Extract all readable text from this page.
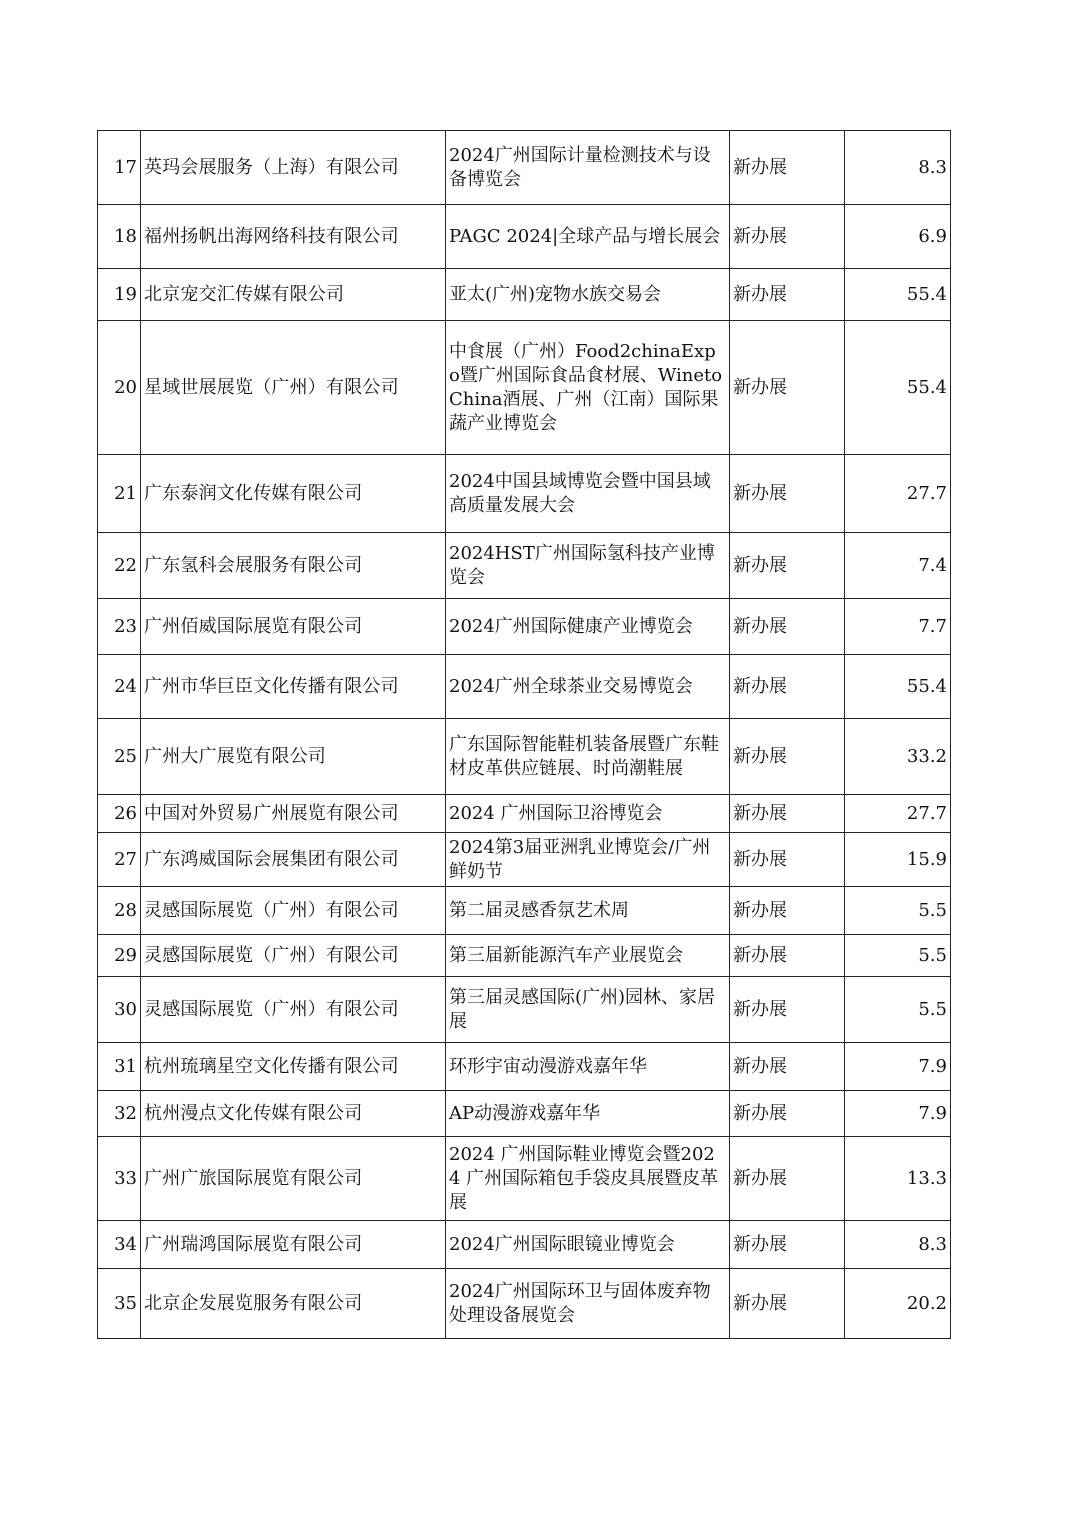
17	英玛会展服务（上海）有限公司	2024广州国际计量检测技术与设备博览会	新办展	8.3
18	福州扬帆出海网络科技有限公司	PAGC 2024|全球产品与增长展会	新办展	6.9
19	北京宠交汇传媒有限公司	亚太(广州)宠物水族交易会	新办展	55.4
20	星域世展展览（广州）有限公司	中食展（广州）Food2chinaExpo暨广州国际食品食材展、WinetoChina酒展、广州（江南）国际果蔬产业博览会	新办展	55.4
21	广东泰润文化传媒有限公司	2024中国县域博览会暨中国县域高质量发展大会	新办展	27.7
22	广东氢科会展服务有限公司	2024HST广州国际氢科技产业博览会	新办展	7.4
23	广州佰威国际展览有限公司	2024广州国际健康产业博览会	新办展	7.7
24	广州市华巨臣文化传播有限公司	2024广州全球茶业交易博览会	新办展	55.4
25	广州大广展览有限公司	广东国际智能鞋机装备展暨广东鞋材皮革供应链展、时尚潮鞋展	新办展	33.2
26	中国对外贸易广州展览有限公司	2024 广州国际卫浴博览会	新办展	27.7
27	广东鸿威国际会展集团有限公司	2024第3届亚洲乳业博览会/广州鲜奶节	新办展	15.9
28	灵感国际展览（广州）有限公司	第二届灵感香氛艺术周	新办展	5.5
29	灵感国际展览（广州）有限公司	第三届新能源汽车产业展览会	新办展	5.5
30	灵感国际展览（广州）有限公司	第三届灵感国际(广州)园林、家居展	新办展	5.5
31	杭州琉璃星空文化传播有限公司	环形宇宙动漫游戏嘉年华	新办展	7.9
32	杭州漫点文化传媒有限公司	AP动漫游戏嘉年华	新办展	7.9
33	广州广旅国际展览有限公司	2024 广州国际鞋业博览会暨2024 广州国际箱包手袋皮具展暨皮革展	新办展	13.3
34	广州瑞鸿国际展览有限公司	2024广州国际眼镜业博览会	新办展	8.3
35	北京企发展览服务有限公司	2024广州国际环卫与固体废弃物处理设备展览会	新办展	20.2
